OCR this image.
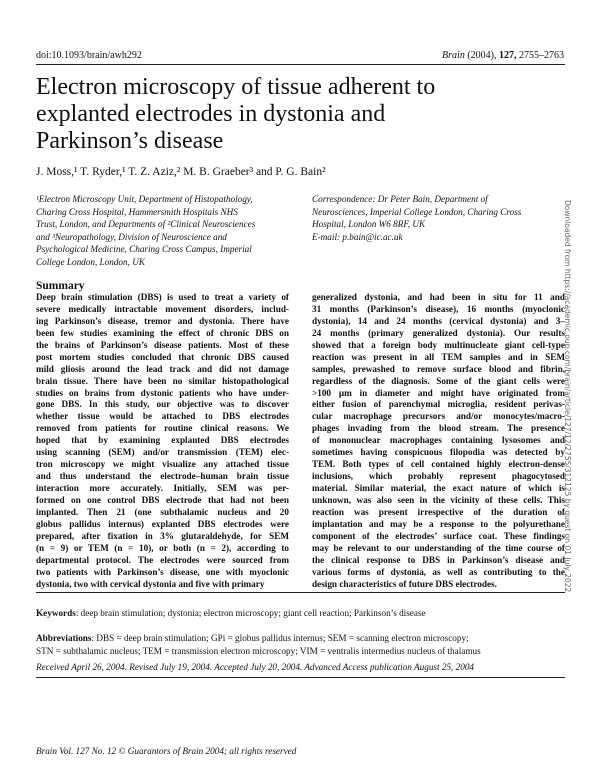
doi:10.1093/brain/awh292	Brain (2004), 127, 2755–2763
Electron microscopy of tissue adherent to
explanted electrodes in dystonia and
Parkinson’s disease
J. Moss,¹ T. Ryder,¹ T. Z. Aziz,² M. B. Graeber³ and P. G. Bain²
¹Electron Microscopy Unit, Department of Histopathology,
Charing Cross Hospital, Hammersmith Hospitals NHS
Trust, London, and Departments of ²Clinical Neurosciences
and ³Neuropathology, Division of Neuroscience and
Psychological Medicine, Charing Cross Campus, Imperial
College London, London, UK
Correspondence: Dr Peter Bain, Department of
Neurosciences, Imperial College London, Charing Cross
Hospital, London W6 8RF, UK
E-mail: p.bain@ic.ac.uk
Summary
Deep brain stimulation (DBS) is used to treat a variety of
severe medically intractable movement disorders, includ-
ing Parkinson’s disease, tremor and dystonia. There have
been few studies examining the effect of chronic DBS on
the brains of Parkinson’s disease patients. Most of these
post mortem studies concluded that chronic DBS caused
mild gliosis around the lead track and did not damage
brain tissue. There have been no similar histopathological
studies on brains from dystonic patients who have under-
gone DBS. In this study, our objective was to discover
whether tissue would be attached to DBS electrodes
removed from patients for routine clinical reasons. We
hoped that by examining explanted DBS electrodes
using scanning (SEM) and/or transmission (TEM) elec-
tron microscopy we might visualize any attached tissue
and thus understand the electrode–human brain tissue
interaction more accurately. Initially, SEM was per-
formed on one control DBS electrode that had not been
implanted. Then 21 (one subthalamic nucleus and 20
globus pallidus internus) explanted DBS electrodes were
prepared, after fixation in 3% glutaraldehyde, for SEM
(n = 9) or TEM (n = 10), or both (n = 2), according to
departmental protocol. The electrodes were sourced from
two patients with Parkinson’s disease, one with myoclonic
dystonia, two with cervical dystonia and five with primary
generalized dystonia, and had been in situ for 11 and
31 months (Parkinson’s disease), 16 months (myoclonic
dystonia), 14 and 24 months (cervical dystonia) and 3–
24 months (primary generalized dystonia). Our results
showed that a foreign body multinucleate giant cell-type
reaction was present in all TEM samples and in SEM
samples, prewashed to remove surface blood and fibrin,
regardless of the diagnosis. Some of the giant cells were
>100 μm in diameter and might have originated from
either fusion of parenchymal microglia, resident perivas-
cular macrophage precursors and/or monocytes/macro-
phages invading from the blood stream. The presence
of mononuclear macrophages containing lysosomes and
sometimes having conspicuous filopodia was detected by
TEM. Both types of cell contained highly electron-dense
inclusions, which probably represent phagocytosed
material. Similar material, the exact nature of which is
unknown, was also seen in the vicinity of these cells. This
reaction was present irrespective of the duration of
implantation and may be a response to the polyurethane
component of the electrodes’ surface coat. These findings
may be relevant to our understanding of the time course of
the clinical response to DBS in Parkinson’s disease and
various forms of dystonia, as well as contributing to the
design characteristics of future DBS electrodes.
Keywords: deep brain stimulation; dystonia; electron microscopy; giant cell reaction; Parkinson’s disease
Abbreviations: DBS = deep brain stimulation; GPi = globus pallidus internus; SEM = scanning electron microscopy;
STN = subthalamic nucleus; TEM = transmission electron microscopy; VIM = ventralis intermedius nucleus of thalamus
Received April 26, 2004. Revised July 19, 2004. Accepted July 20, 2004. Advanced Access publication August 25, 2004
Brain Vol. 127 No. 12 © Guarantors of Brain 2004; all rights reserved
Downloaded from https://academic.oup.com/brain/article/127/12/2755/312125 by guest on 01 July 2022
